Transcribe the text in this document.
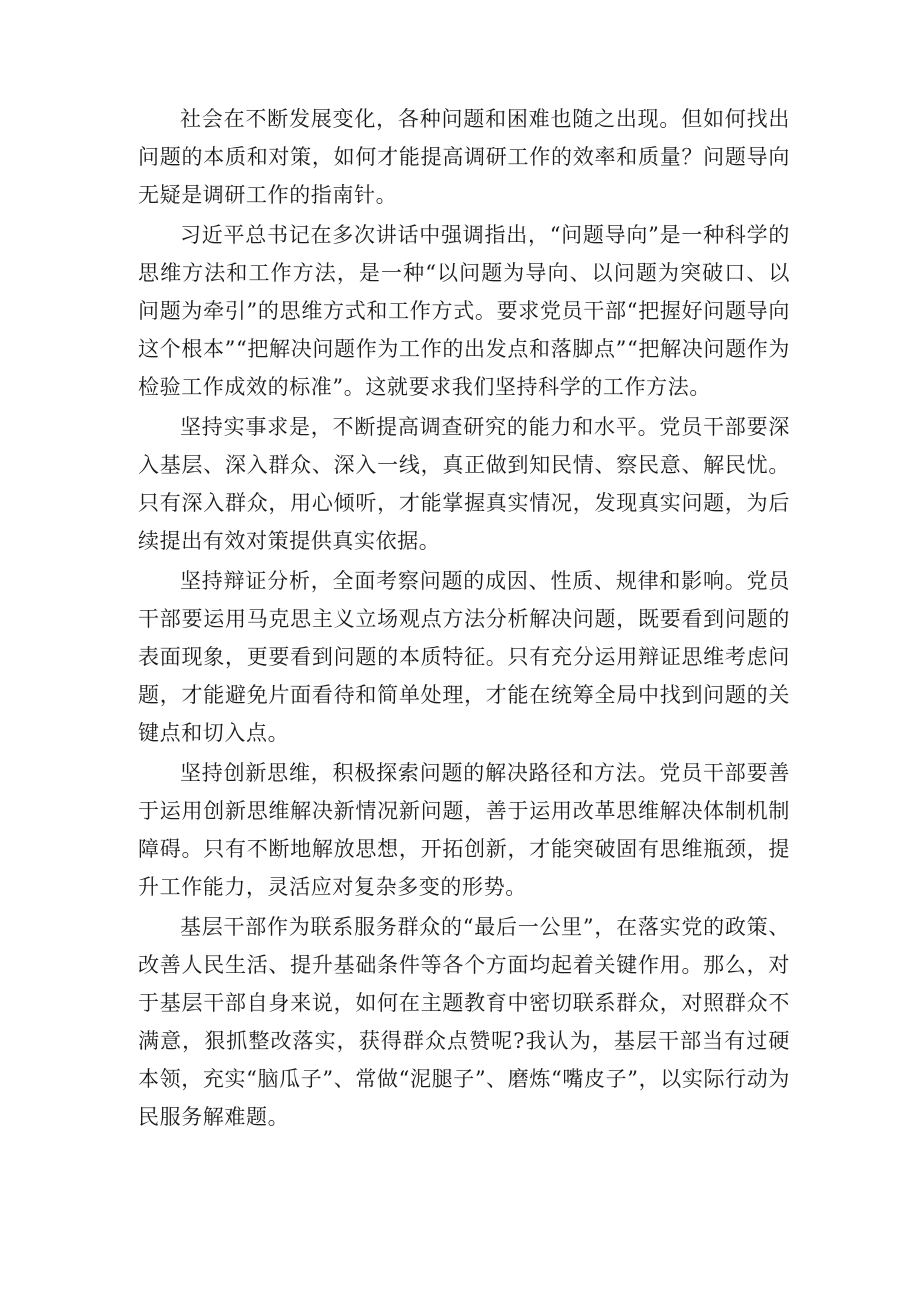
社会在不断发展变化，各种问题和困难也随之出现。但如何找出问题的本质和对策，如何才能提高调研工作的效率和质量？问题导向无疑是调研工作的指南针。

习近平总书记在多次讲话中强调指出，“问题导向”是一种科学的思维方法和工作方法，是一种“以问题为导向、以问题为突破口、以问题为牵引”的思维方式和工作方式。要求党员干部“把握好问题导向这个根本”“把解决问题作为工作的出发点和落脚点”“把解决问题作为检验工作成效的标准”。这就要求我们坚持科学的工作方法。

坚持实事求是，不断提高调查研究的能力和水平。党员干部要深入基层、深入群众、深入一线，真正做到知民情、察民意、解民忧。只有深入群众，用心倾听，才能掌握真实情况，发现真实问题，为后续提出有效对策提供真实依据。

坚持辩证分析，全面考察问题的成因、性质、规律和影响。党员干部要运用马克思主义立场观点方法分析解决问题，既要看到问题的表面现象，更要看到问题的本质特征。只有充分运用辩证思维考虑问题，才能避免片面看待和简单处理，才能在统筹全局中找到问题的关键点和切入点。

坚持创新思维，积极探索问题的解决路径和方法。党员干部要善于运用创新思维解决新情况新问题，善于运用改革思维解决体制机制障碍。只有不断地解放思想，开拓创新，才能突破固有思维瓶颈，提升工作能力，灵活应对复杂多变的形势。

基层干部作为联系服务群众的“最后一公里”，在落实党的政策、改善人民生活、提升基础条件等各个方面均起着关键作用。那么，对于基层干部自身来说，如何在主题教育中密切联系群众，对照群众不满意，狠抓整改落实，获得群众点赞呢?我认为，基层干部当有过硬本领，充实“脑瓜子”、常做“泥腿子”、磨炼“嘴皮子”，以实际行动为民服务解难题。
